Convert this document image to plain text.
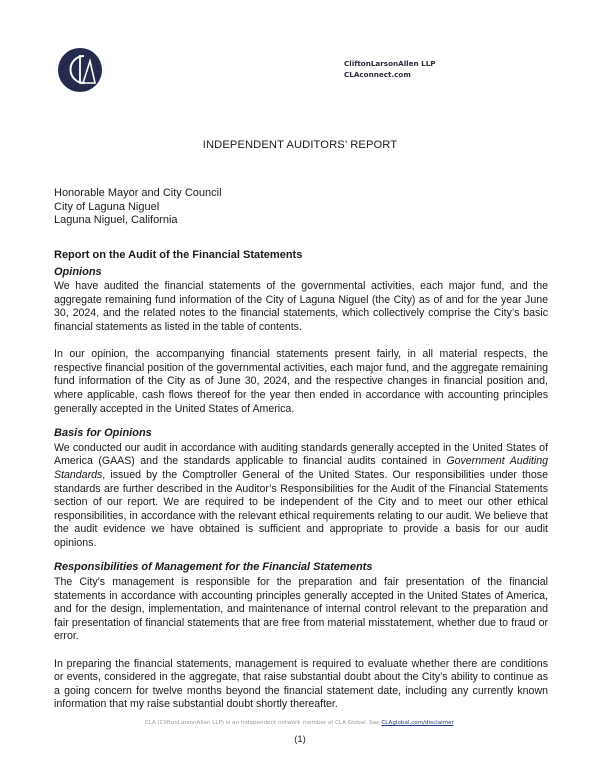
CliftonLarsonAllen LLP
CLAconnect.com
INDEPENDENT AUDITORS’ REPORT
Honorable Mayor and City Council
City of Laguna Niguel
Laguna Niguel, California
Report on the Audit of the Financial Statements
Opinions

We have audited the financial statements of the governmental activities, each major fund, and the aggregate remaining fund information of the City of Laguna Niguel (the City) as of and for the year June 30, 2024, and the related notes to the financial statements, which collectively comprise the City’s basic financial statements as listed in the table of contents.

In our opinion, the accompanying financial statements present fairly, in all material respects, the respective financial position of the governmental activities, each major fund, and the aggregate remaining fund information of the City as of June 30, 2024, and the respective changes in financial position and, where applicable, cash flows thereof for the year then ended in accordance with accounting principles generally accepted in the United States of America.

Basis for Opinions

We conducted our audit in accordance with auditing standards generally accepted in the United States of America (GAAS) and the standards applicable to financial audits contained in Government Auditing Standards, issued by the Comptroller General of the United States. Our responsibilities under those standards are further described in the Auditor’s Responsibilities for the Audit of the Financial Statements section of our report. We are required to be independent of the City and to meet our other ethical responsibilities, in accordance with the relevant ethical requirements relating to our audit. We believe that the audit evidence we have obtained is sufficient and appropriate to provide a basis for our audit opinions.

Responsibilities of Management for the Financial Statements

The City’s management is responsible for the preparation and fair presentation of the financial statements in accordance with accounting principles generally accepted in the United States of America, and for the design, implementation, and maintenance of internal control relevant to the preparation and fair presentation of financial statements that are free from material misstatement, whether due to fraud or error.

In preparing the financial statements, management is required to evaluate whether there are conditions or events, considered in the aggregate, that raise substantial doubt about the City’s ability to continue as a going concern for twelve months beyond the financial statement date, including any currently known information that my raise substantial doubt shortly thereafter.

CLA (CliftonLarsonAllen LLP) is an independent network member of CLA Global. See CLAglobal.com/disclaimer.
(1)
